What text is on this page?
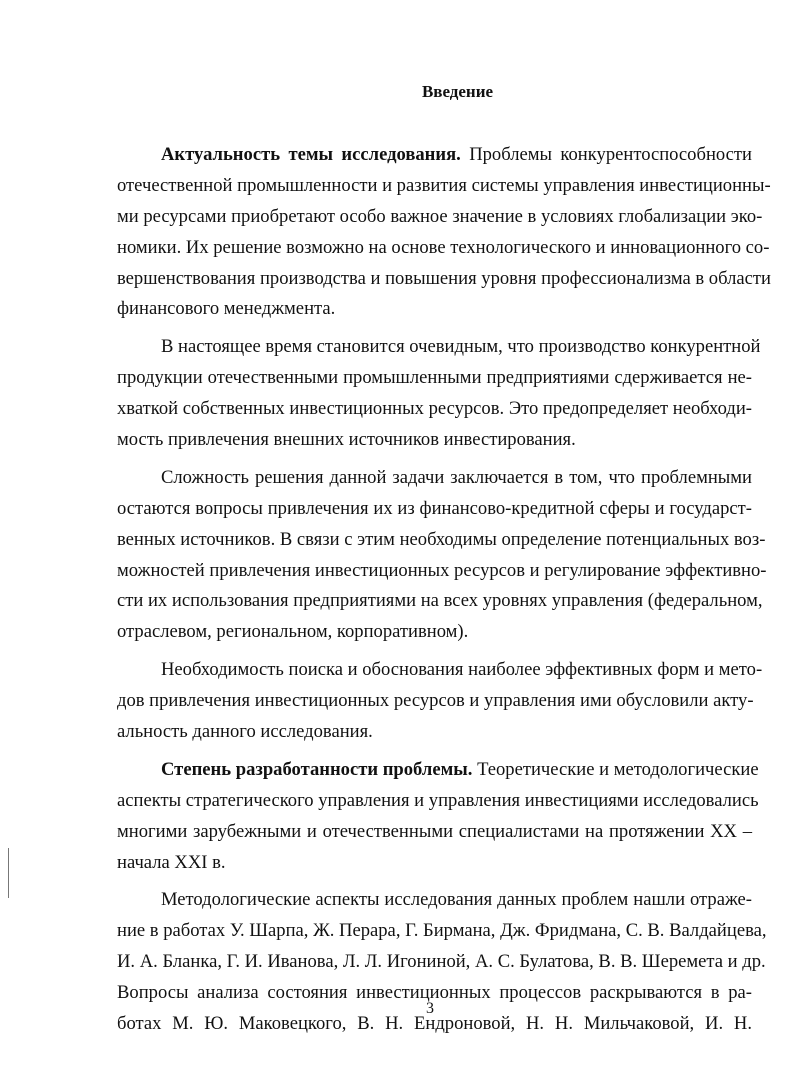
Введение
Актуальность темы исследования. Проблемы конкурентоспособности
отечественной промышленности и развития системы управления инвестиционны-
ми ресурсами приобретают особо важное значение в условиях глобализации эко-
номики. Их решение возможно на основе технологического и инновационного со-
вершенствования производства и повышения уровня профессионализма в области
финансового менеджмента.
В настоящее время становится очевидным, что производство конкурентной
продукции отечественными промышленными предприятиями сдерживается не-
хваткой собственных инвестиционных ресурсов. Это предопределяет необходи-
мость привлечения внешних источников инвестирования.
Сложность решения данной задачи заключается в том, что проблемными
остаются вопросы привлечения их из финансово-кредитной сферы и государст-
венных источников. В связи с этим необходимы определение потенциальных воз-
можностей привлечения инвестиционных ресурсов и регулирование эффективно-
сти их использования предприятиями на всех уровнях управления (федеральном,
отраслевом, региональном, корпоративном).
Необходимость поиска и обоснования наиболее эффективных форм и мето-
дов привлечения инвестиционных ресурсов и управления ими обусловили акту-
альность данного исследования.
Степень разработанности проблемы. Теоретические и методологические
аспекты стратегического управления и управления инвестициями исследовались
многими зарубежными и отечественными специалистами на протяжении XX –
начала XXI в.
Методологические аспекты исследования данных проблем нашли отраже-
ние в работах У. Шарпа, Ж. Перара, Г. Бирмана, Дж. Фридмана, С. В. Валдайцева,
И. А. Бланка, Г. И. Иванова, Л. Л. Игониной, А. С. Булатова, В. В. Шеремета и др.
Вопросы анализа состояния инвестиционных процессов раскрываются в ра-
ботах М. Ю. Маковецкого, В. Н. Ендроновой, Н. Н. Мильчаковой, И. Н.
3
